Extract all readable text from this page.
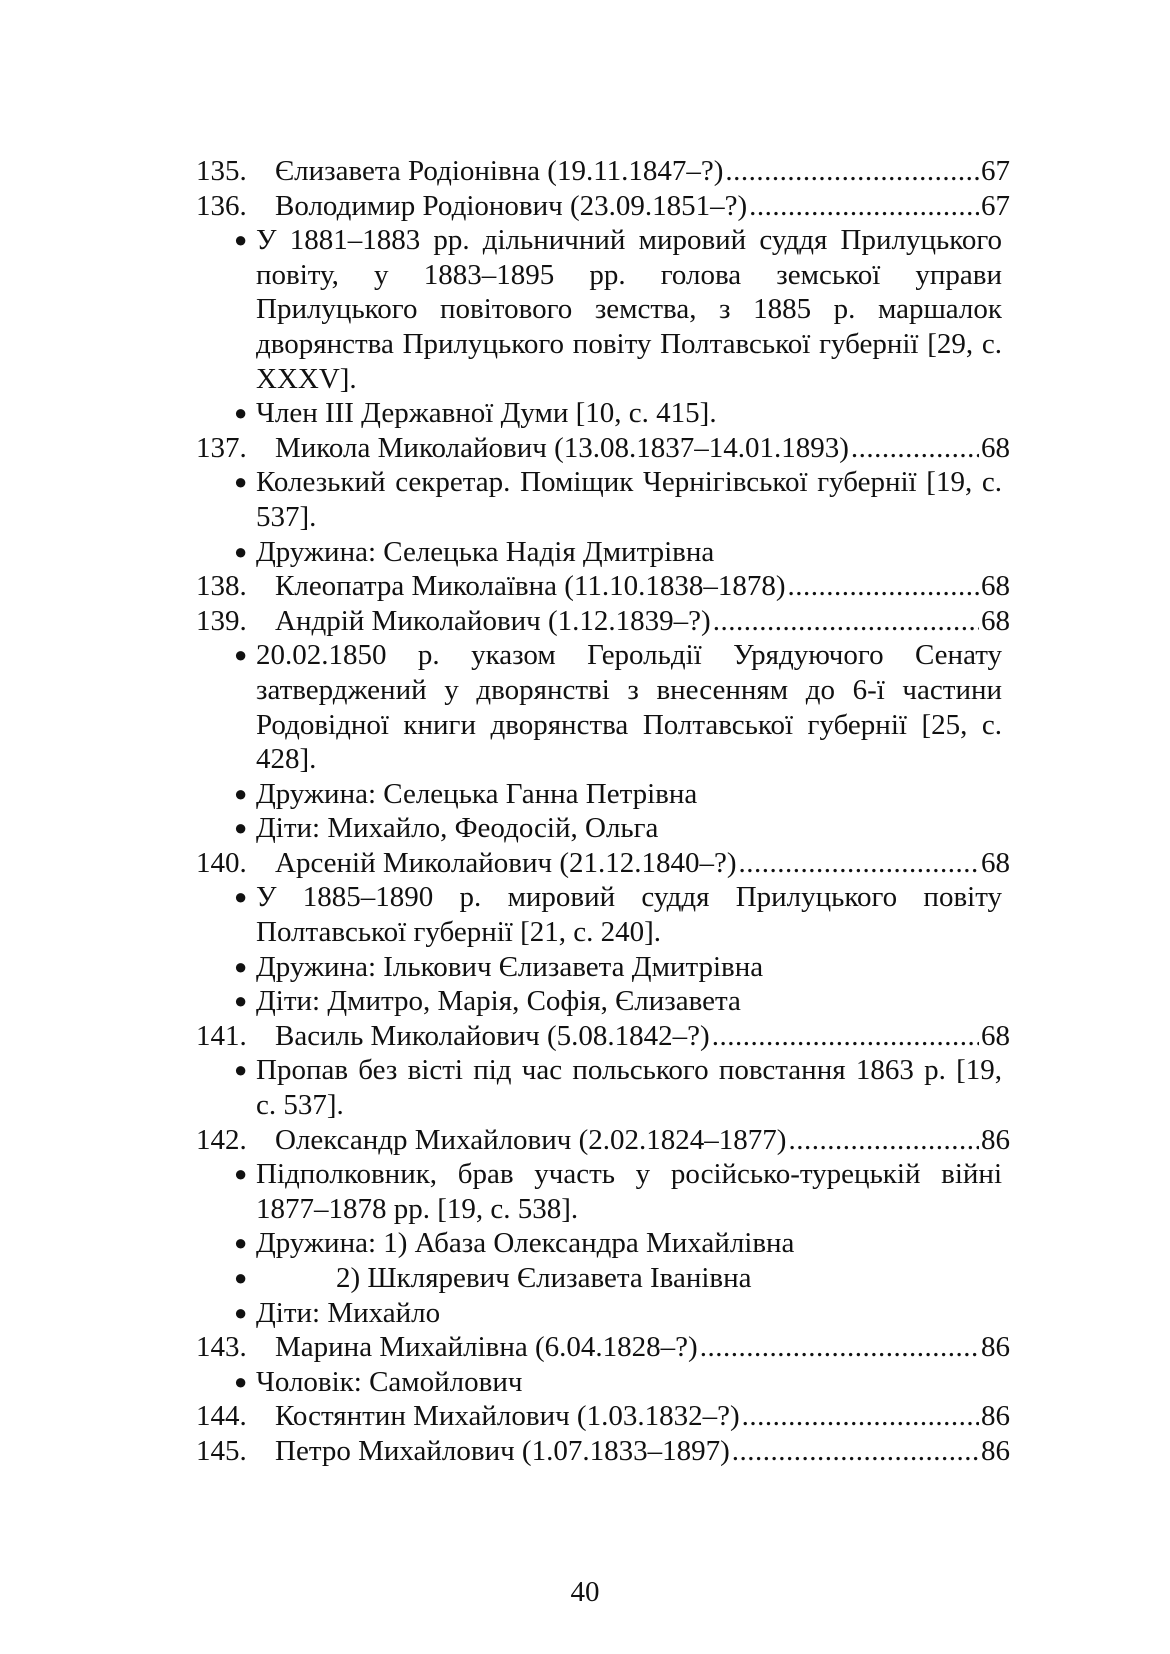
135. Єлизавета Родіонівна (19.11.1847–?) .....	67
136. Володимир Родіонович (23.09.1851–?) .....	67
● У 1881–1883 рр. дільничний мировий суддя Прилуцького повіту, у 1883–1895 рр. голова земської управи Прилуцького повітового земства, з 1885 р. маршалок дворянства Прилуцького повіту Полтавської губернії [29, с. XXXV].
● Член ІІІ Державної Думи [10, с. 415].
137. Микола Миколайович (13.08.1837–14.01.1893) .....	68
● Колезький секретар. Поміщик Чернігівської губернії [19, с. 537].
● Дружина: Селецька Надія Дмитрівна
138. Клеопатра Миколаївна (11.10.1838–1878) .....	68
139. Андрій Миколайович (1.12.1839–?) .....	68
● 20.02.1850 р. указом Герольдії Урядуючого Сенату затверджений у дворянстві з внесенням до 6-ї частини Родовідної книги дворянства Полтавської губернії [25, с. 428].
● Дружина: Селецька Ганна Петрівна
● Діти: Михайло, Феодосій, Ольга
140. Арсеній Миколайович (21.12.1840–?) .....	68
● У 1885–1890 р. мировий суддя Прилуцького повіту Полтавської губернії [21, с. 240].
● Дружина: Ількович Єлизавета Дмитрівна
● Діти: Дмитро, Марія, Софія, Єлизавета
141. Василь Миколайович (5.08.1842–?) .....	68
● Пропав без вісті під час польського повстання 1863 р. [19, с. 537].
142. Олександр Михайлович (2.02.1824–1877) .....	86
● Підполковник, брав участь у російсько-турецькій війні 1877–1878 рр. [19, с. 538].
● Дружина: 1) Абаза Олександра Михайлівна
●	2) Шкляревич Єлизавета Іванівна
● Діти: Михайло
143. Марина Михайлівна (6.04.1828–?) .....	86
● Чоловік: Самойлович
144. Костянтин Михайлович (1.03.1832–?) .....	86
145. Петро Михайлович (1.07.1833–1897) .....	86
40
